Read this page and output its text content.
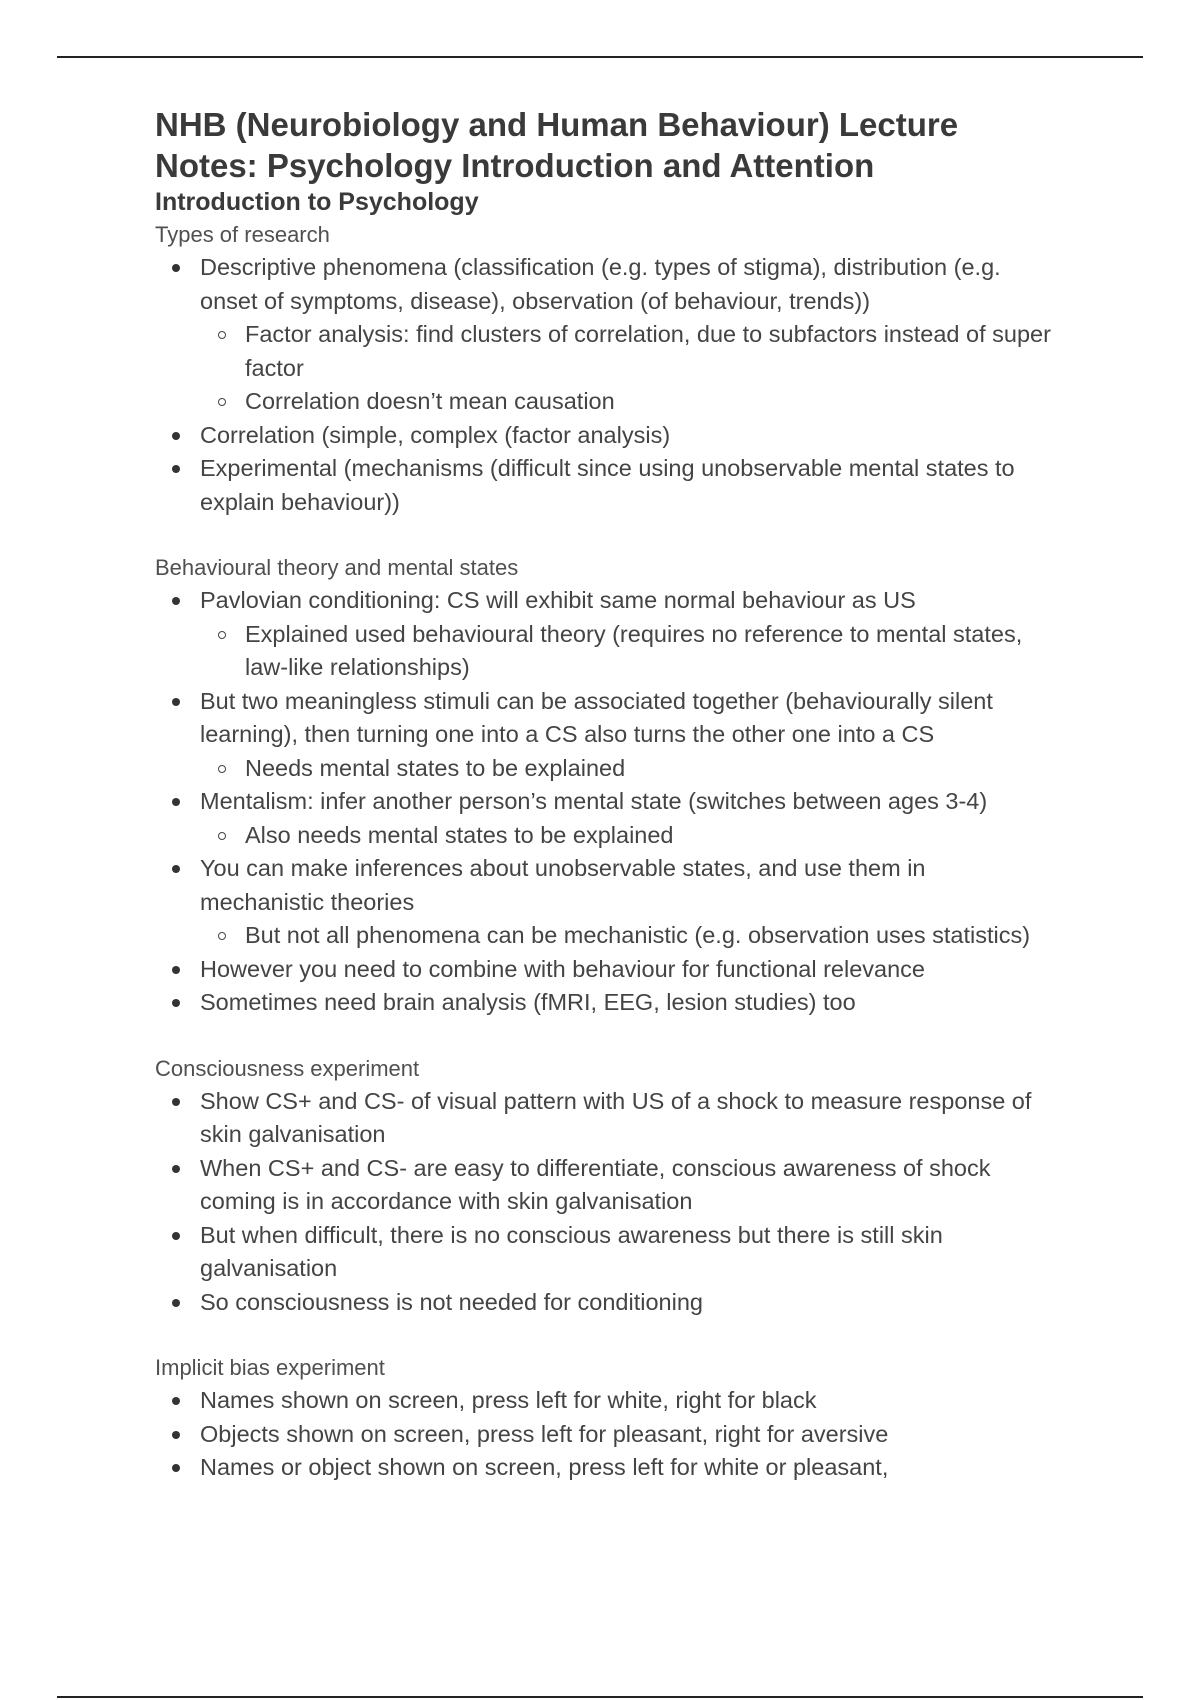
NHB (Neurobiology and Human Behaviour) Lecture Notes: Psychology Introduction and Attention
Introduction to Psychology

Types of research

Descriptive phenomena (classification (e.g. types of stigma), distribution (e.g. onset of symptoms, disease), observation (of behaviour, trends))
Factor analysis: find clusters of correlation, due to subfactors instead of super factor
Correlation doesn’t mean causation
Correlation (simple, complex (factor analysis)
Experimental (mechanisms (difficult since using unobservable mental states to explain behaviour))

Behavioural theory and mental states

Pavlovian conditioning: CS will exhibit same normal behaviour as US
Explained used behavioural theory (requires no reference to mental states, law-like relationships)
But two meaningless stimuli can be associated together (behaviourally silent learning), then turning one into a CS also turns the other one into a CS
Needs mental states to be explained
Mentalism: infer another person’s mental state (switches between ages 3-4)
Also needs mental states to be explained
You can make inferences about unobservable states, and use them in mechanistic theories
But not all phenomena can be mechanistic (e.g. observation uses statistics)
However you need to combine with behaviour for functional relevance
Sometimes need brain analysis (fMRI, EEG, lesion studies) too

Consciousness experiment

Show CS+ and CS- of visual pattern with US of a shock to measure response of skin galvanisation
When CS+ and CS- are easy to differentiate, conscious awareness of shock coming is in accordance with skin galvanisation
But when difficult, there is no conscious awareness but there is still skin galvanisation
So consciousness is not needed for conditioning

Implicit bias experiment

Names shown on screen, press left for white, right for black
Objects shown on screen, press left for pleasant, right for aversive
Names or object shown on screen, press left for white or pleasant,
